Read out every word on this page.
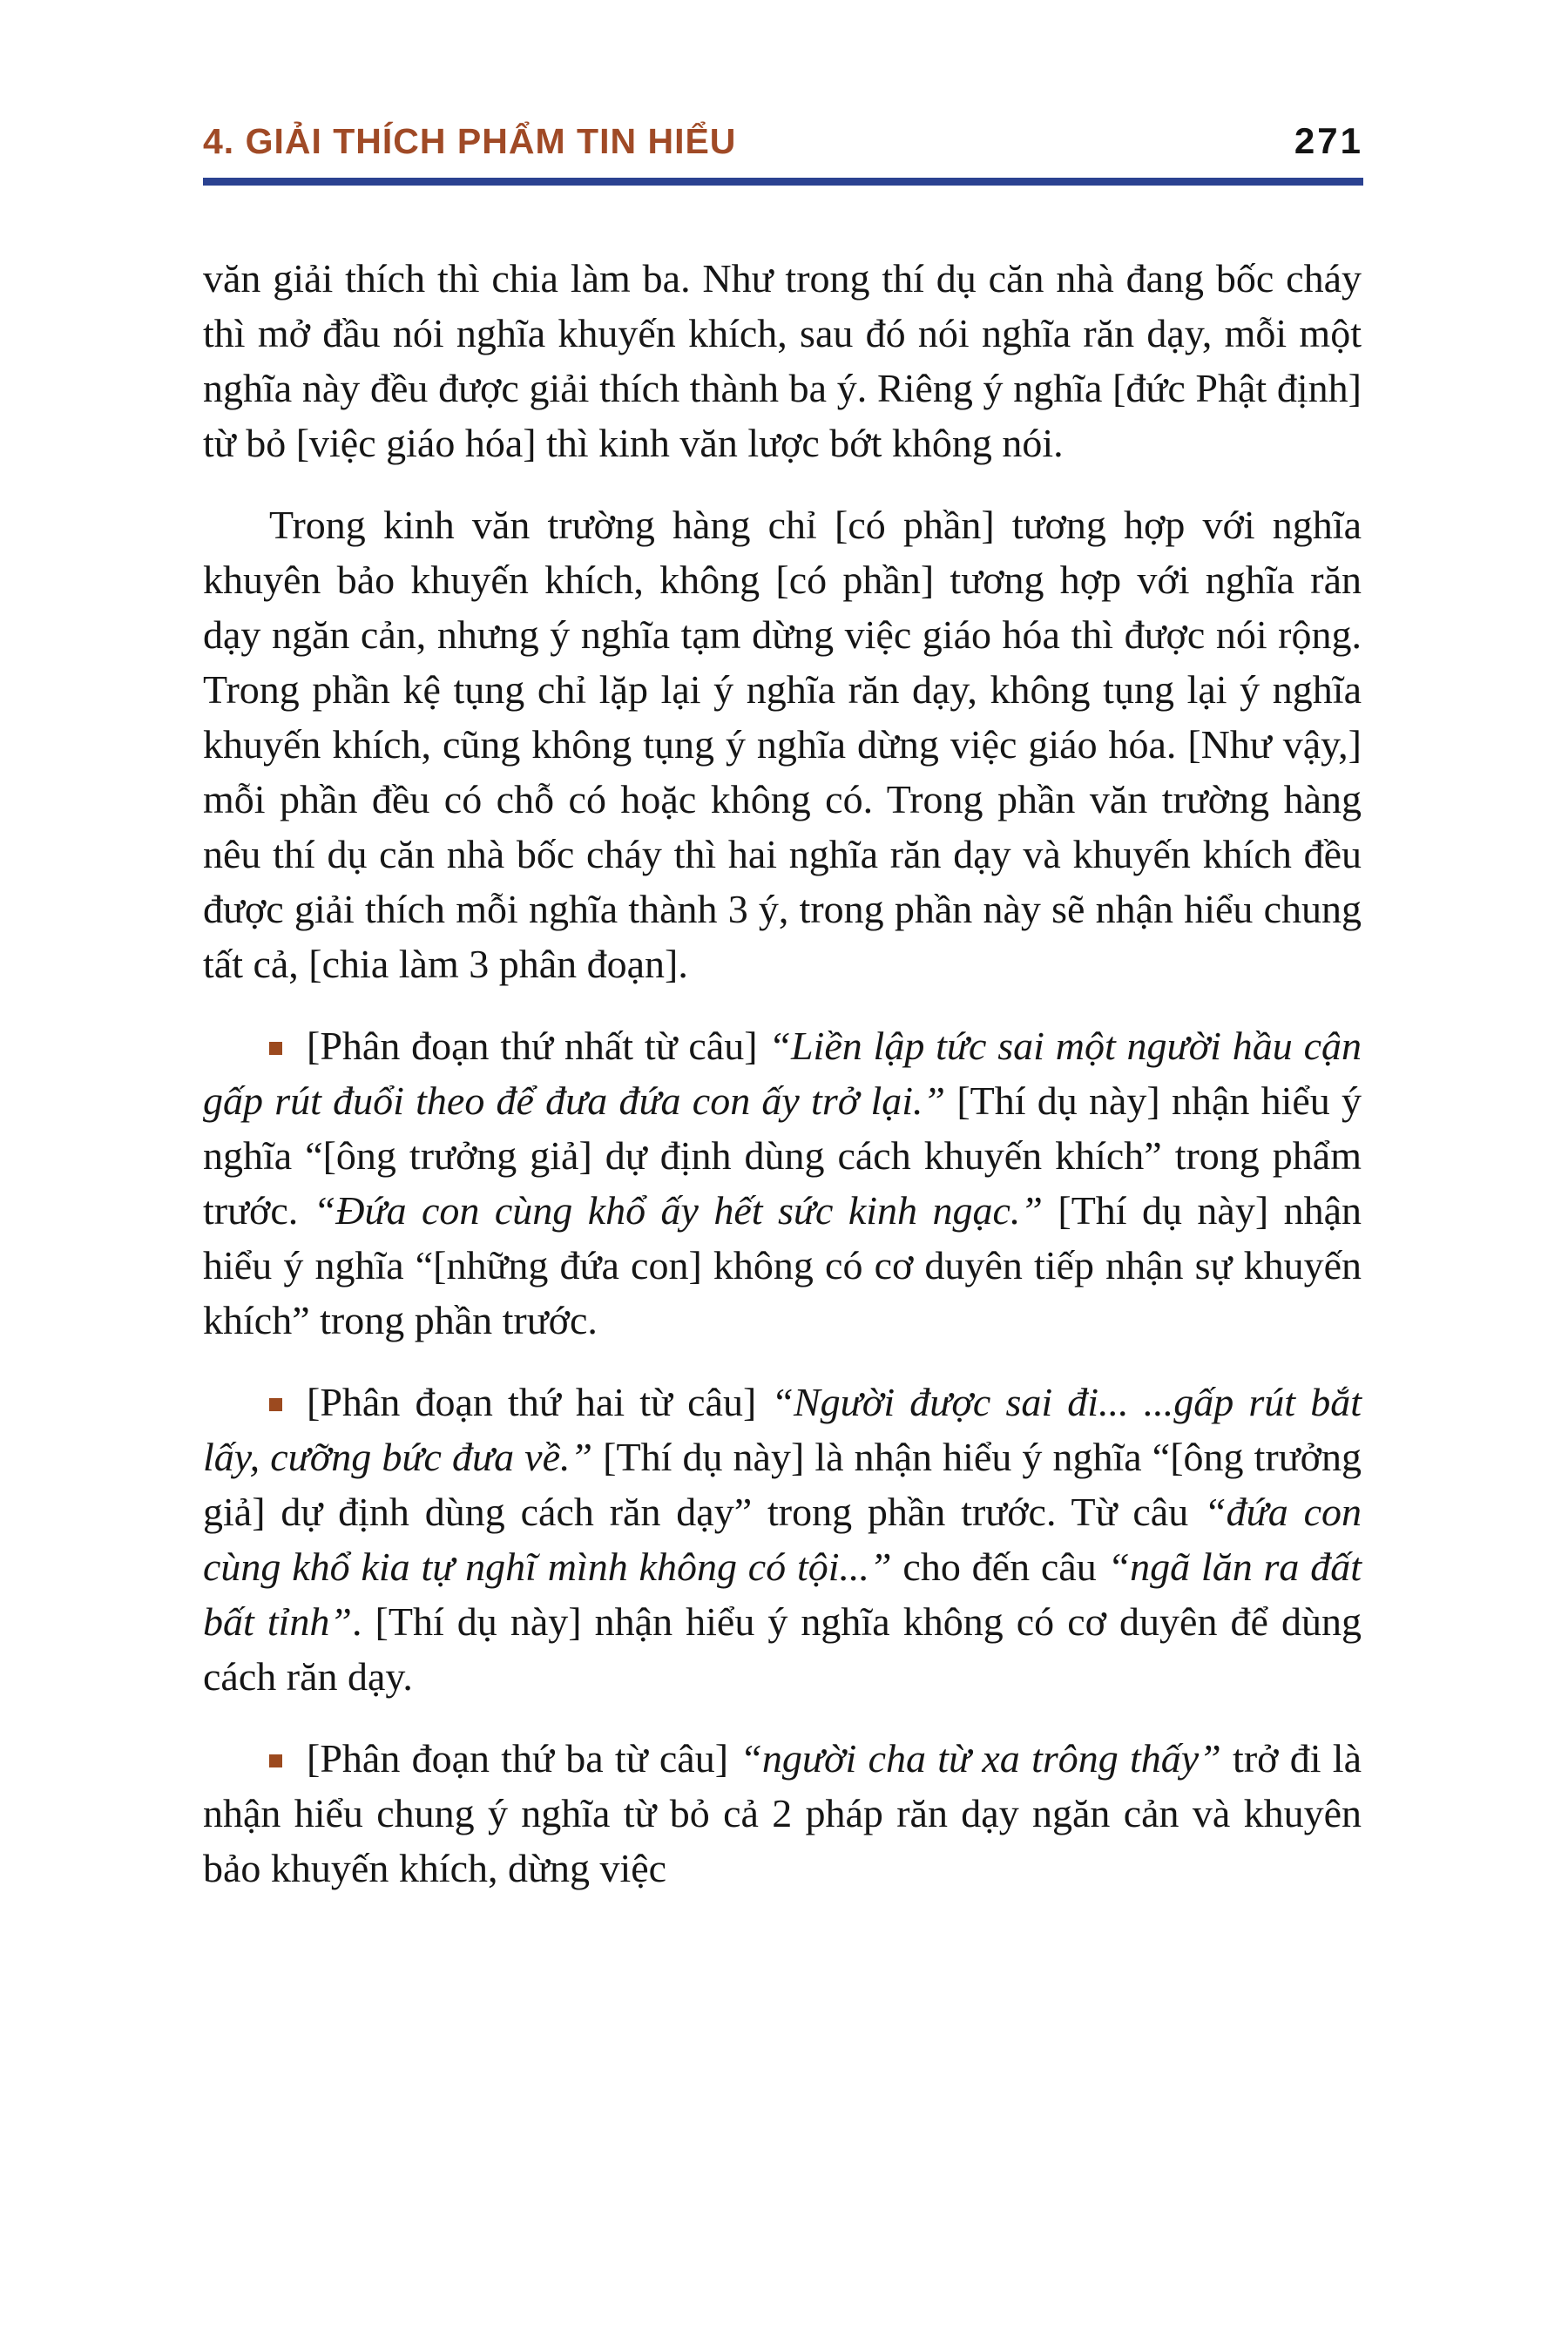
4. GIẢI THÍCH PHẨM TIN HIỂU	271

văn giải thích thì chia làm ba. Như trong thí dụ căn nhà đang bốc cháy thì mở đầu nói nghĩa khuyến khích, sau đó nói nghĩa răn dạy, mỗi một nghĩa này đều được giải thích thành ba ý. Riêng ý nghĩa [đức Phật định] từ bỏ [việc giáo hóa] thì kinh văn lược bớt không nói.

Trong kinh văn trường hàng chỉ [có phần] tương hợp với nghĩa khuyên bảo khuyến khích, không [có phần] tương hợp với nghĩa răn dạy ngăn cản, nhưng ý nghĩa tạm dừng việc giáo hóa thì được nói rộng. Trong phần kệ tụng chỉ lặp lại ý nghĩa răn dạy, không tụng lại ý nghĩa khuyến khích, cũng không tụng ý nghĩa dừng việc giáo hóa. [Như vậy,] mỗi phần đều có chỗ có hoặc không có. Trong phần văn trường hàng nêu thí dụ căn nhà bốc cháy thì hai nghĩa răn dạy và khuyến khích đều được giải thích mỗi nghĩa thành 3 ý, trong phần này sẽ nhận hiểu chung tất cả, [chia làm 3 phân đoạn].

[Phân đoạn thứ nhất từ câu] “Liền lập tức sai một người hầu cận gấp rút đuổi theo để đưa đứa con ấy trở lại.” [Thí dụ này] nhận hiểu ý nghĩa “[ông trưởng giả] dự định dùng cách khuyến khích” trong phẩm trước. “Đứa con cùng khổ ấy hết sức kinh ngạc.” [Thí dụ này] nhận hiểu ý nghĩa “[những đứa con] không có cơ duyên tiếp nhận sự khuyến khích” trong phần trước.

[Phân đoạn thứ hai từ câu] “Người được sai đi... ...gấp rút bắt lấy, cưỡng bức đưa về.” [Thí dụ này] là nhận hiểu ý nghĩa “[ông trưởng giả] dự định dùng cách răn dạy” trong phần trước. Từ câu “đứa con cùng khổ kia tự nghĩ mình không có tội...” cho đến câu “ngã lăn ra đất bất tỉnh”. [Thí dụ này] nhận hiểu ý nghĩa không có cơ duyên để dùng cách răn dạy.

[Phân đoạn thứ ba từ câu] “người cha từ xa trông thấy” trở đi là nhận hiểu chung ý nghĩa từ bỏ cả 2 pháp răn dạy ngăn cản và khuyên bảo khuyến khích, dừng việc
